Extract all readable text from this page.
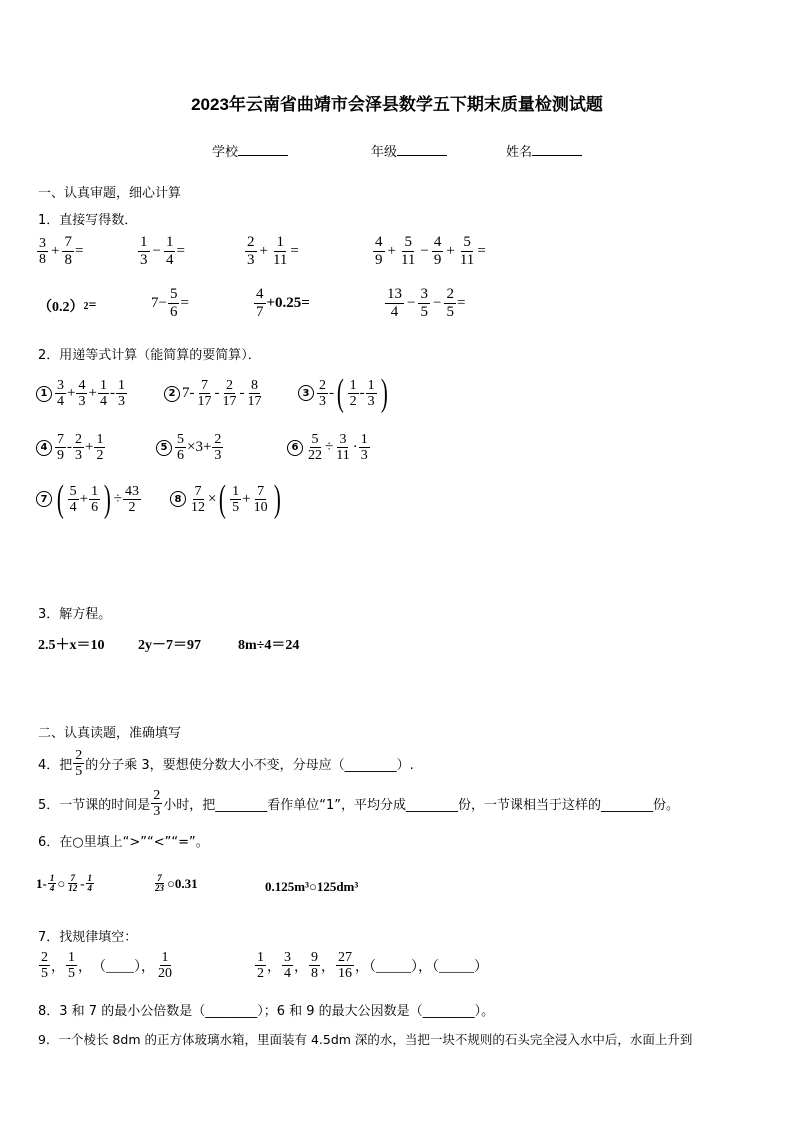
2023年云南省曲靖市会泽县数学五下期末质量检测试题
学校	年级	姓名
一、认真审题，细心计算
1．直接写得数．
$\frac{3}{8} + \frac{7}{8}$ =	$\frac{1}{3} - \frac{1}{4}$ =	$\frac{2}{3} + \frac{1}{11}$ =	$\frac{4}{9} + \frac{5}{11} - \frac{4}{9} + \frac{5}{11}$ =
（0.2） 2 =	$7- \frac{5}{6}$ =	$\frac{4}{7} +0.25=$	$\frac{13}{4} - \frac{3}{5} - \frac{2}{5}$ =
2．用递等式计算（能简算的要简算）．
$1 \frac{3}{4} + \frac{4}{3} + \frac{1}{4} - \frac{1}{3}$	2 $7- \frac{7}{17} - \frac{2}{17} - \frac{8}{17}$	$3 \frac{2}{3}$ - ( $\frac{1}{2} - \frac{1}{3}$ )
$4 \frac{7}{9} - \frac{2}{3} + \frac{1}{2}$	$5 \frac{5}{6} \times 3+ \frac{2}{3}$	$6 \frac{5}{22} \div \frac{3}{11} \cdot \frac{1}{3}$
7 ( $\frac{5}{4} + \frac{1}{6}$ ) ÷ $\frac{43}{2}$	$8 \frac{7}{12}$ × ( $\frac{1}{5} + \frac{7}{10}$ )
3．解方程。
2.5＋x＝10 2y－7＝97	8m÷4＝24
二、认真读题，准确填写
4．把 $\frac{2}{5}$ 的分子乘 3，要想使分数大小不变，分母应（________）.
5．一节课的时间是 $\frac{2}{3}$ 小时，把________看作单位“1”，平均分成________份，一节课相当于这样的________份。
6．在○里填上“>”“<”“=”。
$1- \frac{1}{4}$ ○ $\frac{7}{12} - \frac{1}{4}$	$\frac{7}{23}$ ○0.31	0.125m³○125dm³
7．找规律填空：
$\frac{2}{5}$ ， $\frac{1}{5}$ ， （____）， $\frac{1}{20}$	$\frac{1}{2}$ ， $\frac{3}{4}$ ， $\frac{9}{8}$ ， $\frac{27}{16}$ ，（_____），（_____）
8．3 和 7 的最小公倍数是（________）；6 和 9 的最大公因数是（________）。
9．一个棱长 8dm 的正方体玻璃水箱，里面装有 4.5dm 深的水，当把一块不规则的石头完全浸入水中后，水面上升到
